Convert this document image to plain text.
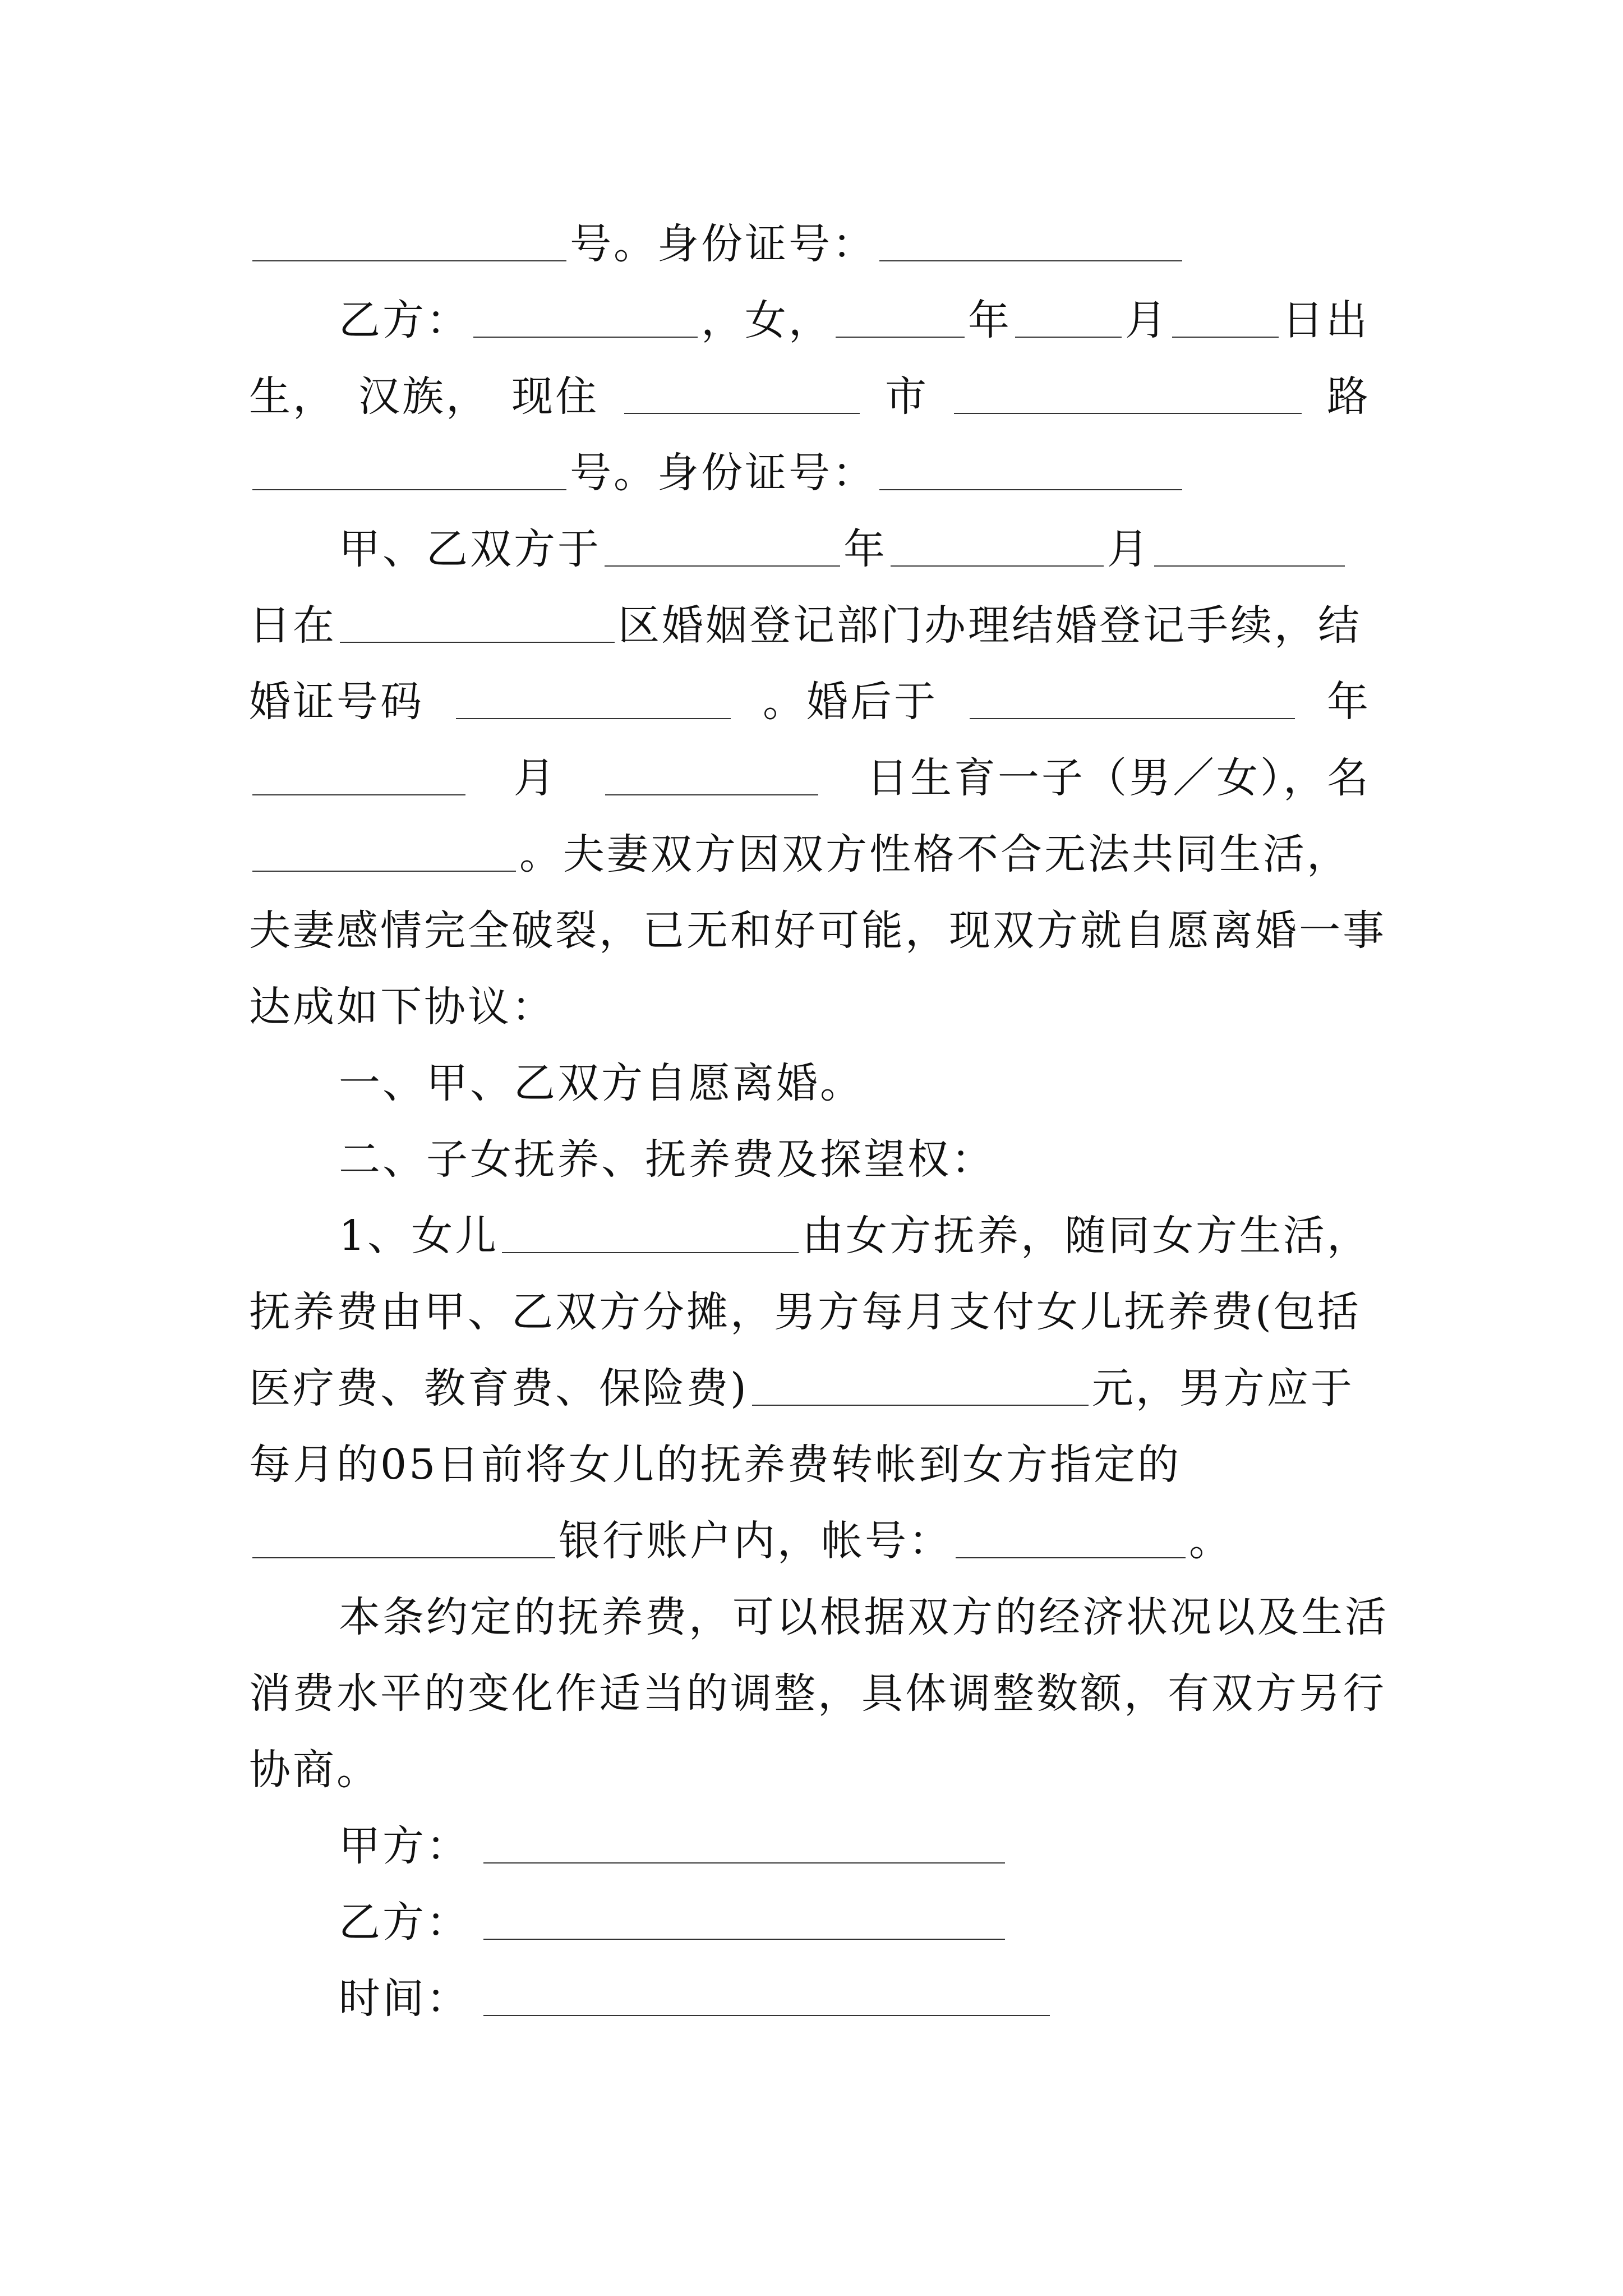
号。身份证号：
乙方：	，女，	年	月	日出
生， 汉族， 现住	市	路
号。身份证号：
甲、乙双方于	年	月
日在	区婚姻登记部门办理结婚登记手续，结
婚证号码	。婚后于	年
月	日生育一子（男／女），名
。夫妻双方因双方性格不合无法共同生活，
夫妻感情完全破裂，已无和好可能，现双方就自愿离婚一事
达成如下协议：
一、甲、乙双方自愿离婚。
二、子女抚养、抚养费及探望权：
1、女儿	由女方抚养，随同女方生活，
抚养费由甲、乙双方分摊，男方每月支付女儿抚养费(包括
医疗费、教育费、保险费)	元，男方应于
每月的05日前将女儿的抚养费转帐到女方指定的
银行账户内，帐号：	。
本条约定的抚养费，可以根据双方的经济状况以及生活
消费水平的变化作适当的调整，具体调整数额，有双方另行
协商。
甲方：
乙方：
时间：
